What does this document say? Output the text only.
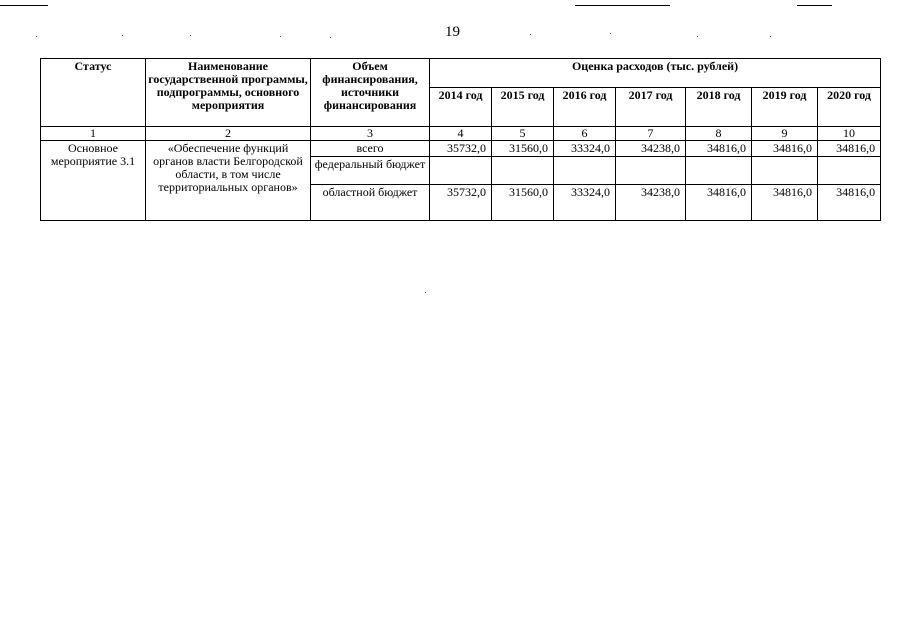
19
Статус	Наименование государственной программы, подпрограммы, основного мероприятия	Объем финансирования, источники финансирования	Оценка расходов (тыс. рублей)						
			2014 год	2015 год	2016 год	2017 год	2018 год	2019 год	2020 год
1	2	3	4	5	6	7	8	9	10
Основное мероприятие 3.1	«Обеспечение функций органов власти Белгородской области, в том числе территориальных органов»	всего	35732,0	31560,0	33324,0	34238,0	34816,0	34816,0	34816,0
		федеральный бюджет							
		областной бюджет	35732,0	31560,0	33324,0	34238,0	34816,0	34816,0	34816,0
